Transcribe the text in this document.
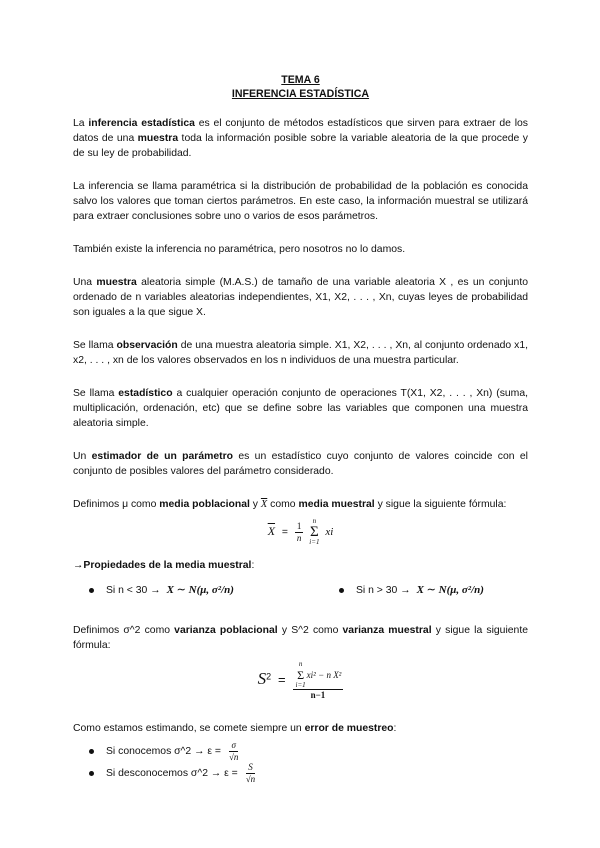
TEMA 6
INFERENCIA ESTADÍSTICA

La inferencia estadística es el conjunto de métodos estadísticos que sirven para extraer de los datos de una muestra toda la información posible sobre la variable aleatoria de la que procede y de su ley de probabilidad.

La inferencia se llama paramétrica si la distribución de probabilidad de la población es conocida salvo los valores que toman ciertos parámetros. En este caso, la información muestral se utilizará para extraer conclusiones sobre uno o varios de esos parámetros.

También existe la inferencia no paramétrica, pero nosotros no lo damos.

Una muestra aleatoria simple (M.A.S.) de tamaño de una variable aleatoria X , es un conjunto ordenado de n variables aleatorias independientes, X1, X2, . . . , Xn, cuyas leyes de probabilidad son iguales a la que sigue X.

Se llama observación de una muestra aleatoria simple. X1, X2, . . . , Xn, al conjunto ordenado x1, x2, . . . , xn de los valores observados en los n individuos de una muestra particular.

Se llama estadístico a cualquier operación conjunto de operaciones T(X1, X2, . . . , Xn) (suma, multiplicación, ordenación, etc) que se define sobre las variables que componen una muestra aleatoria simple.

Un estimador de un parámetro es un estadístico cuyo conjunto de valores coincide con el conjunto de posibles valores del parámetro considerado.

Definimos μ como media poblacional y $\overline{X}$ como media muestral y sigue la siguiente fórmula:

$\overline{X} = \frac{1}{n}$
n
Σ
i=1
xi

→Propiedades de la media muestral:

Si n < 30 → X ∼ N(μ, σ²/n)	Si n > 30 → X ∼ N(μ, σ²/n)

Definimos σ^2 como varianza poblacional y S^2 como varianza muestral y sigue la siguiente fórmula:

$S^2 = n$
Σ
i=1
xi² − n X²
n−1

Como estamos estimando, se comete siempre un error de muestreo:

Si conocemos σ^2 → $\varepsilon = \frac{\sigma}{√n}$
Si desconocemos σ^2 → $\varepsilon = \frac{S}{√n}$
